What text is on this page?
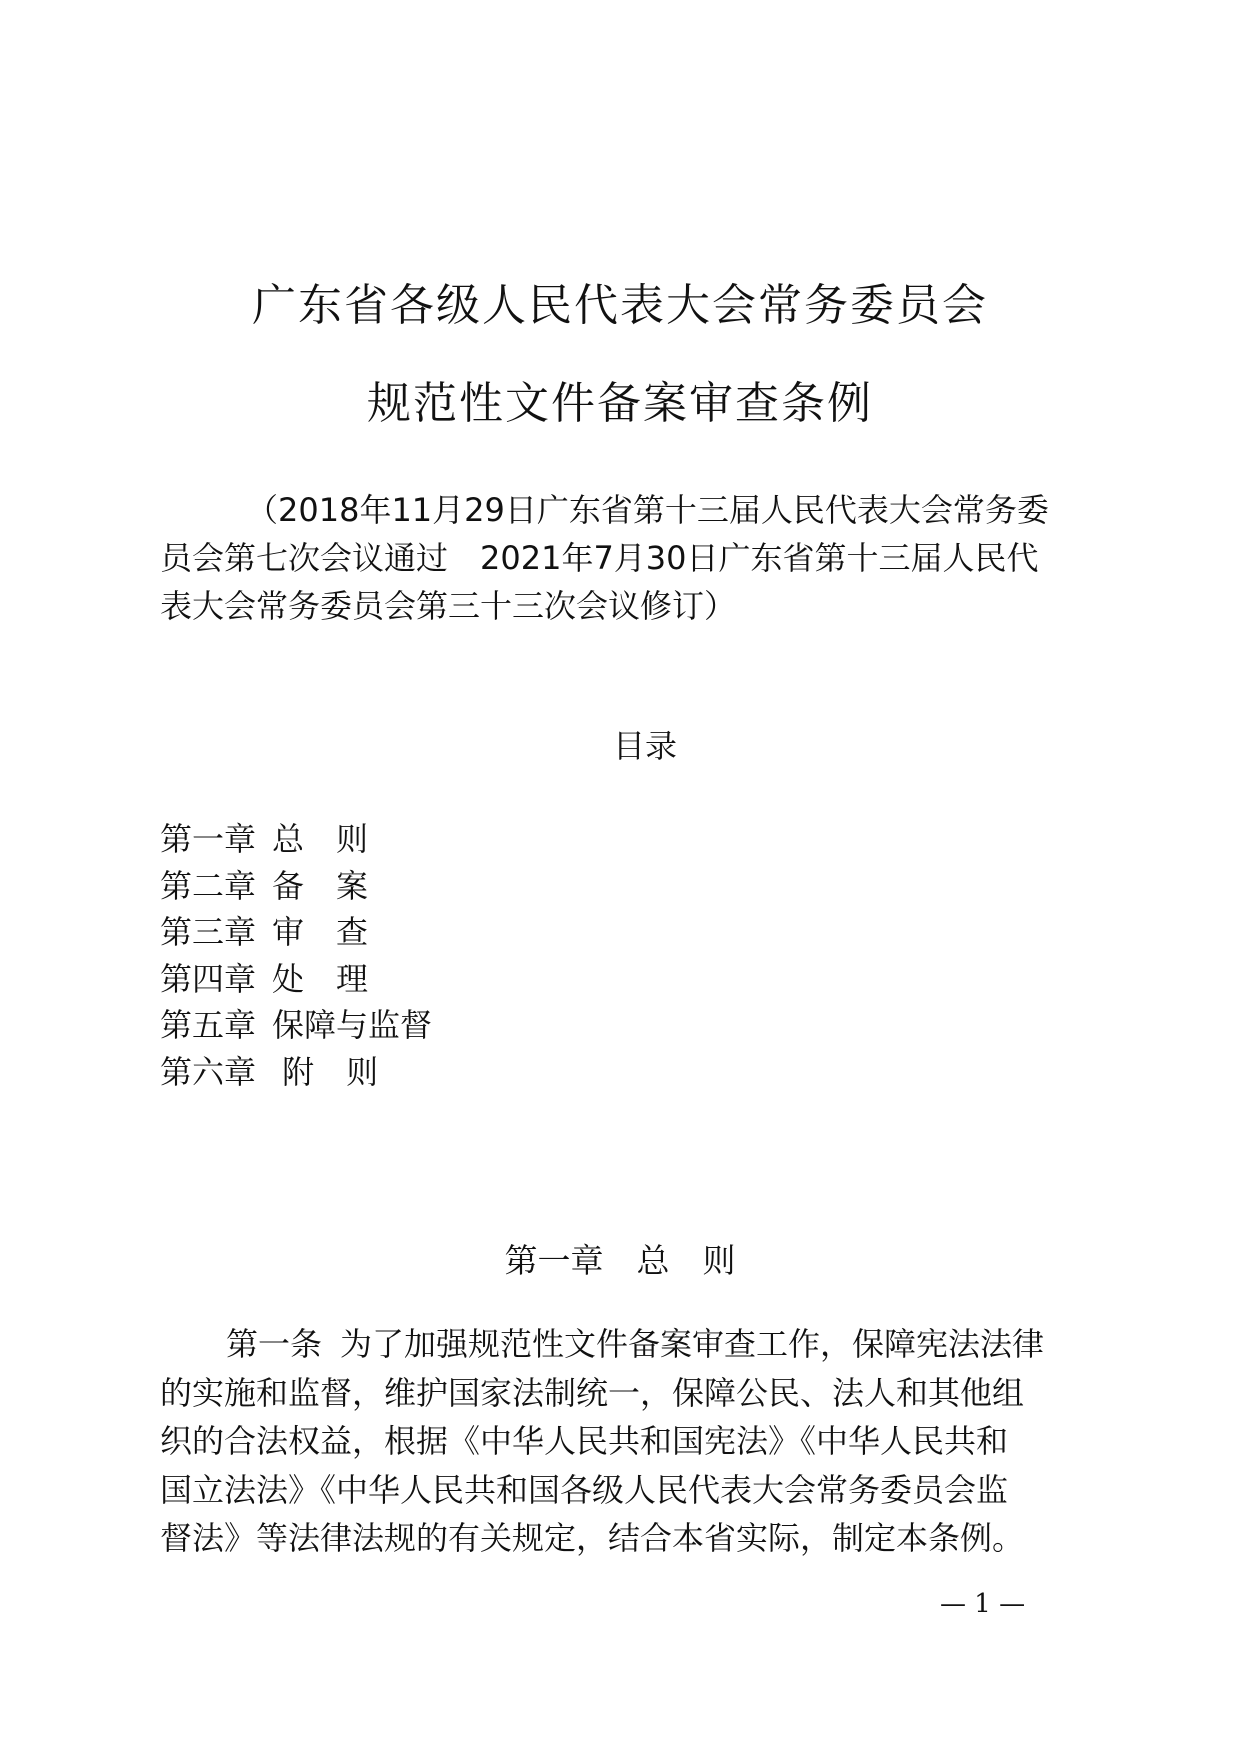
广东省各级人民代表大会常务委员会
规范性文件备案审查条例
（2018年11月29日广东省第十三届人民代表大会常务委
员会第七次会议通过　2021年7月30日广东省第十三届人民代
表大会常务委员会第三十三次会议修订）
目录
第一章 总　则
第二章 备　案
第三章 审　查
第四章 处　理
第五章 保障与监督
第六章 附　则
第一章　总　则
第一条 为了加强规范性文件备案审查工作，保障宪法法律
的实施和监督，维护国家法制统一，保障公民、法人和其他组
织的合法权益，根据《中华人民共和国宪法》《中华人民共和
国立法法》《中华人民共和国各级人民代表大会常务委员会监
督法》等法律法规的有关规定，结合本省实际，制定本条例。
— 1 —
